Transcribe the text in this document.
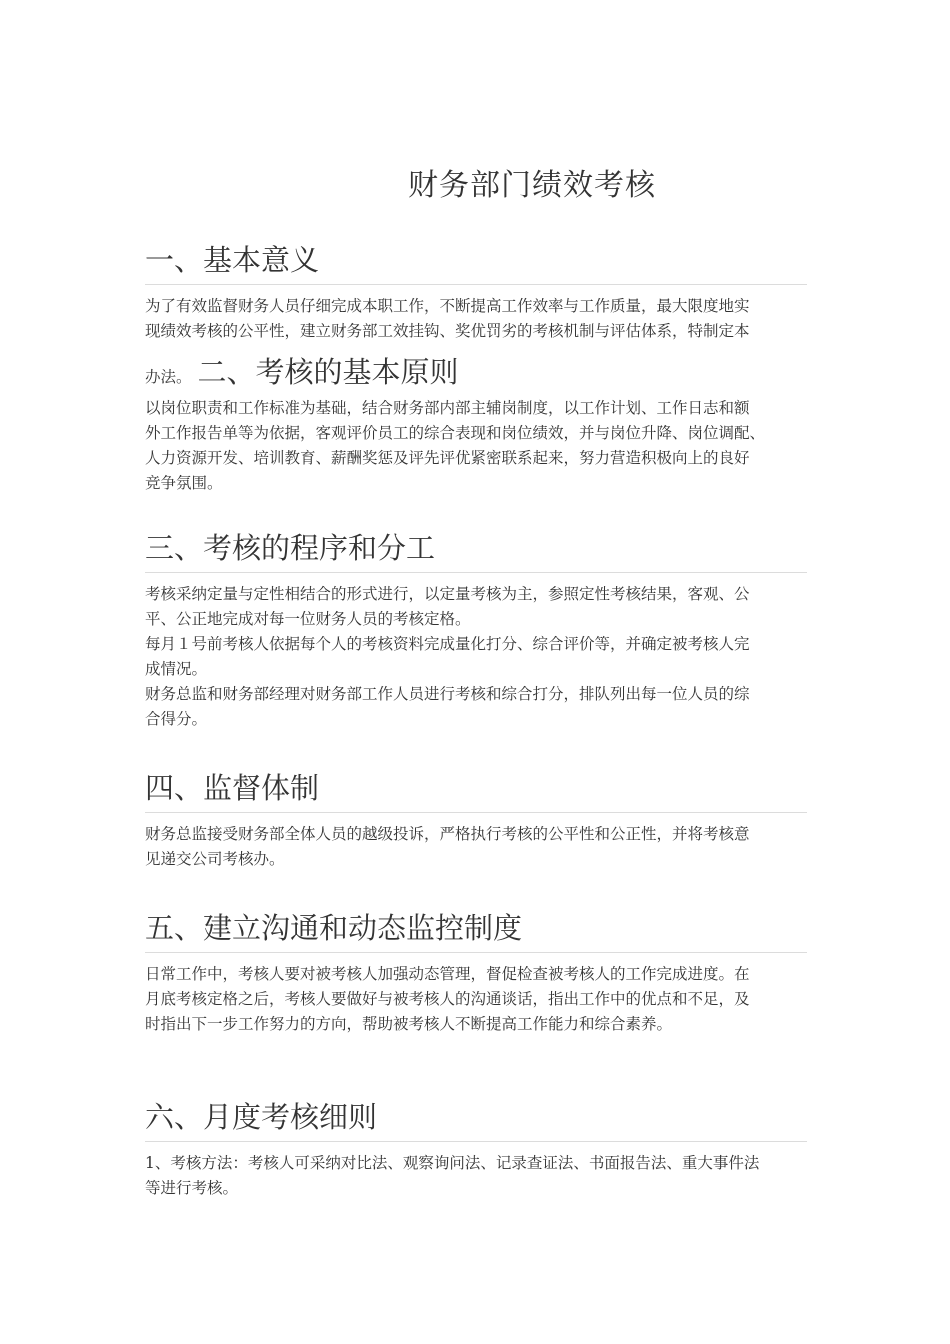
财务部门绩效考核
一、基本意义

为了有效监督财务人员仔细完成本职工作，不断提高工作效率与工作质量，最大限度地实
现绩效考核的公平性，建立财务部工效挂钩、奖优罚劣的考核机制与评估体系，特制定本

办法。 二、考核的基本原则

以岗位职责和工作标准为基础，结合财务部内部主辅岗制度，以工作计划、工作日志和额
外工作报告单等为依据，客观评价员工的综合表现和岗位绩效，并与岗位升降、岗位调配、
人力资源开发、培训教育、薪酬奖惩及评先评优紧密联系起来，努力营造积极向上的良好
竞争氛围。

三、考核的程序和分工

考核采纳定量与定性相结合的形式进行，以定量考核为主，参照定性考核结果，客观、公
平、公正地完成对每一位财务人员的考核定格。
每月１号前考核人依据每个人的考核资料完成量化打分、综合评价等，并确定被考核人完
成情况。
财务总监和财务部经理对财务部工作人员进行考核和综合打分，排队列出每一位人员的综
合得分。

四、监督体制

财务总监接受财务部全体人员的越级投诉，严格执行考核的公平性和公正性，并将考核意
见递交公司考核办。

五、建立沟通和动态监控制度

日常工作中，考核人要对被考核人加强动态管理，督促检查被考核人的工作完成进度。在
月底考核定格之后，考核人要做好与被考核人的沟通谈话，指出工作中的优点和不足，及
时指出下一步工作努力的方向，帮助被考核人不断提高工作能力和综合素养。

六、月度考核细则

1、考核方法：考核人可采纳对比法、观察询问法、记录查证法、书面报告法、重大事件法
等进行考核。
